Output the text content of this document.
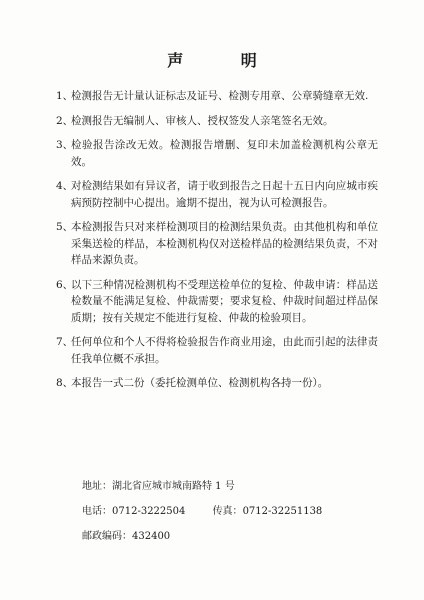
声 明
1、
检测报告无计量认证标志及证号、检测专用章、公章骑缝章无效.
2、
检测报告无编制人、审核人、授权签发人亲笔签名无效。
3、
检验报告涂改无效。检测报告增删、复印未加盖检测机构公章无效。
4、
对检测结果如有异议者，请于收到报告之日起十五日内向应城市疾病预防控制中心提出。逾期不提出，视为认可检测报告。
5、
本检测报告只对来样检测项目的检测结果负责。由其他机构和单位采集送检的样品，本检测机构仅对送检样品的检测结果负责，不对样品来源负责。
6、
以下三种情况检测机构不受理送检单位的复检、仲裁申请：样品送检数量不能满足复检、仲裁需要；要求复检、仲裁时间超过样品保质期；按有关规定不能进行复检、仲裁的检验项目。
7、
任何单位和个人不得将检验报告作商业用途，由此而引起的法律责任我单位概不承担。
8、
本报告一式二份（委托检测单位、检测机构各持一份）。
地址：湖北省应城市城南路特 1 号
电话：0712-3222504	传真：0712-32251138
邮政编码：432400
